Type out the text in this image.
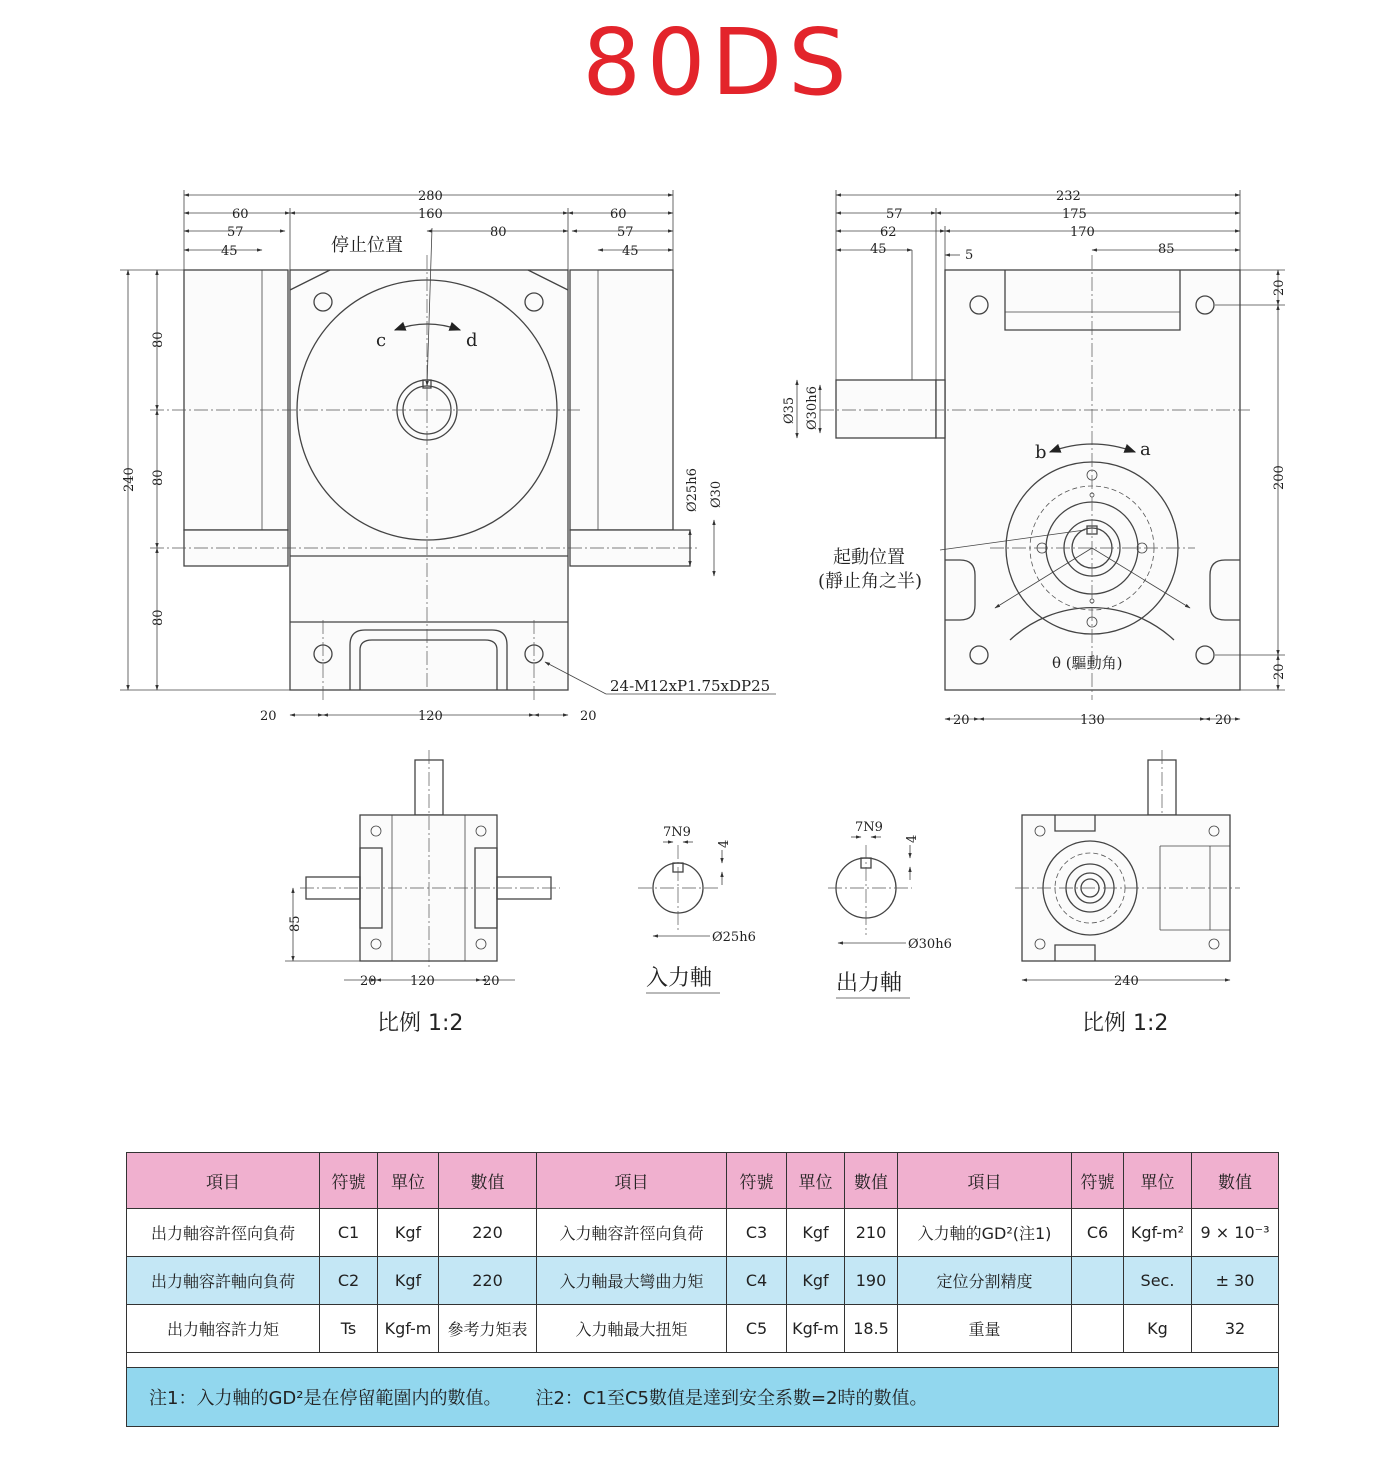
80DS
停止位置
c	d
24-M12xP1.75xDP25
280
160
80
60
57
45
60
57
45
240
80
80
80
Ø25h6 Ø30
20	120	20
b	a
θ (驅動角)
起動位置
(靜止角之半)
232
57	175
62	170
45	85
5
Ø35 Ø30h6
20
200
20
20	130	20
85
20	120	20
比例 1:2
7N9
4
Ø25h6
入力軸
7N9
4
Ø30h6
出力軸	240
比例 1:2
項目	符號	單位	數值	項目	符號	單位	數值	項目	符號	單位	數值
出力軸容許徑向負荷	C1	Kgf	220	入力軸容許徑向負荷	C3	Kgf	210	入力軸的GD²(注1)	C6	Kgf-m²	9 × 10⁻³
出力軸容許軸向負荷	C2	Kgf	220	入力軸最大彎曲力矩	C4	Kgf	190	定位分割精度		Sec.	± 30
出力軸容許力矩	Ts	Kgf-m	參考力矩表	入力軸最大扭矩	C5	Kgf-m	18.5	重量		Kg	32

注1：入力軸的GD²是在停留範圍内的數值。 注2：C1至C5數值是達到安全系數=2時的數值。											
